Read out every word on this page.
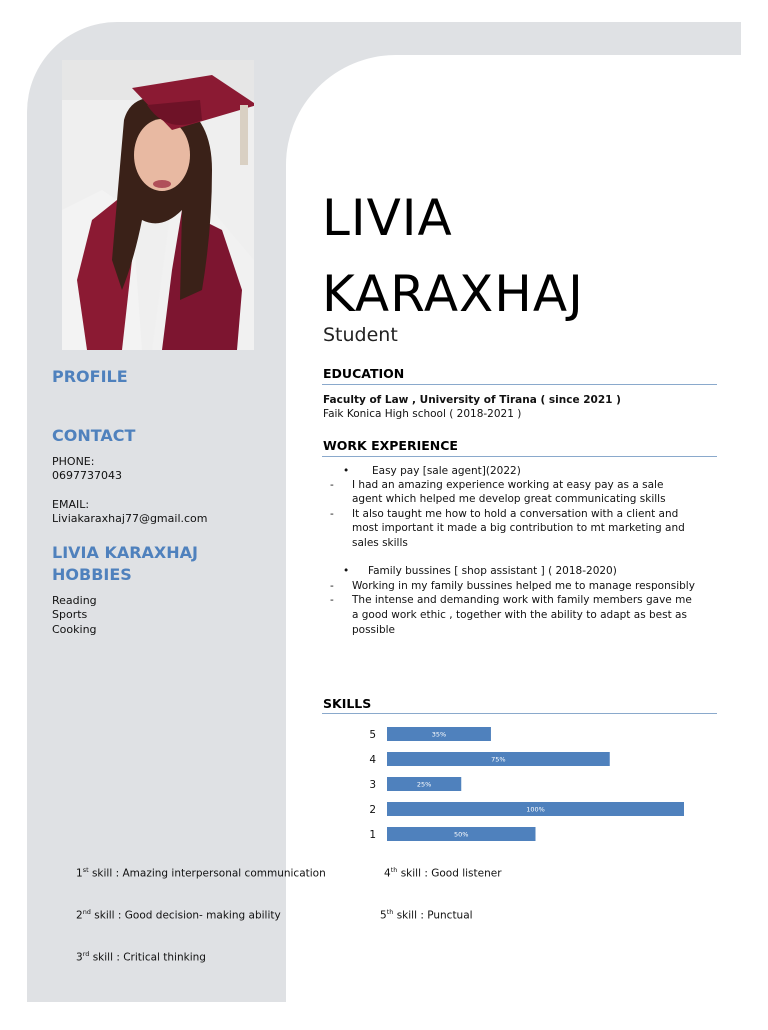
PROFILE
CONTACT
PHONE:
0697737043
EMAIL:
Liviakaraxhaj77@gmail.com
LIVIA KARAXHAJ
HOBBIES
Reading
Sports
Cooking
LIVIA
KARAXHAJ
Student
EDUCATION
Faculty of Law , University of Tirana ( since 2021 )
Faik Konica High school ( 2018-2021 )
WORK EXPERIENCE
• Easy pay [sale agent](2022)
- I had an amazing experience working at easy pay as a sale
agent which helped me develop great communicating skills
- It also taught me how to hold a conversation with a client and
most important it made a big contribution to mt marketing and
sales skills
• Family bussines [ shop assistant ] ( 2018-2020)
- Working in my family bussines helped me to manage responsibly
- The intense and demanding work with family members gave me
a good work ethic , together with the ability to adapt as best as
possible
SKILLS
5	35%
4	75%
3	25%
2	100%
1	50%
1st skill : Amazing interpersonal communication
2nd skill : Good decision- making ability
3rd skill : Critical thinking
4th skill : Good listener
5th skill : Punctual
